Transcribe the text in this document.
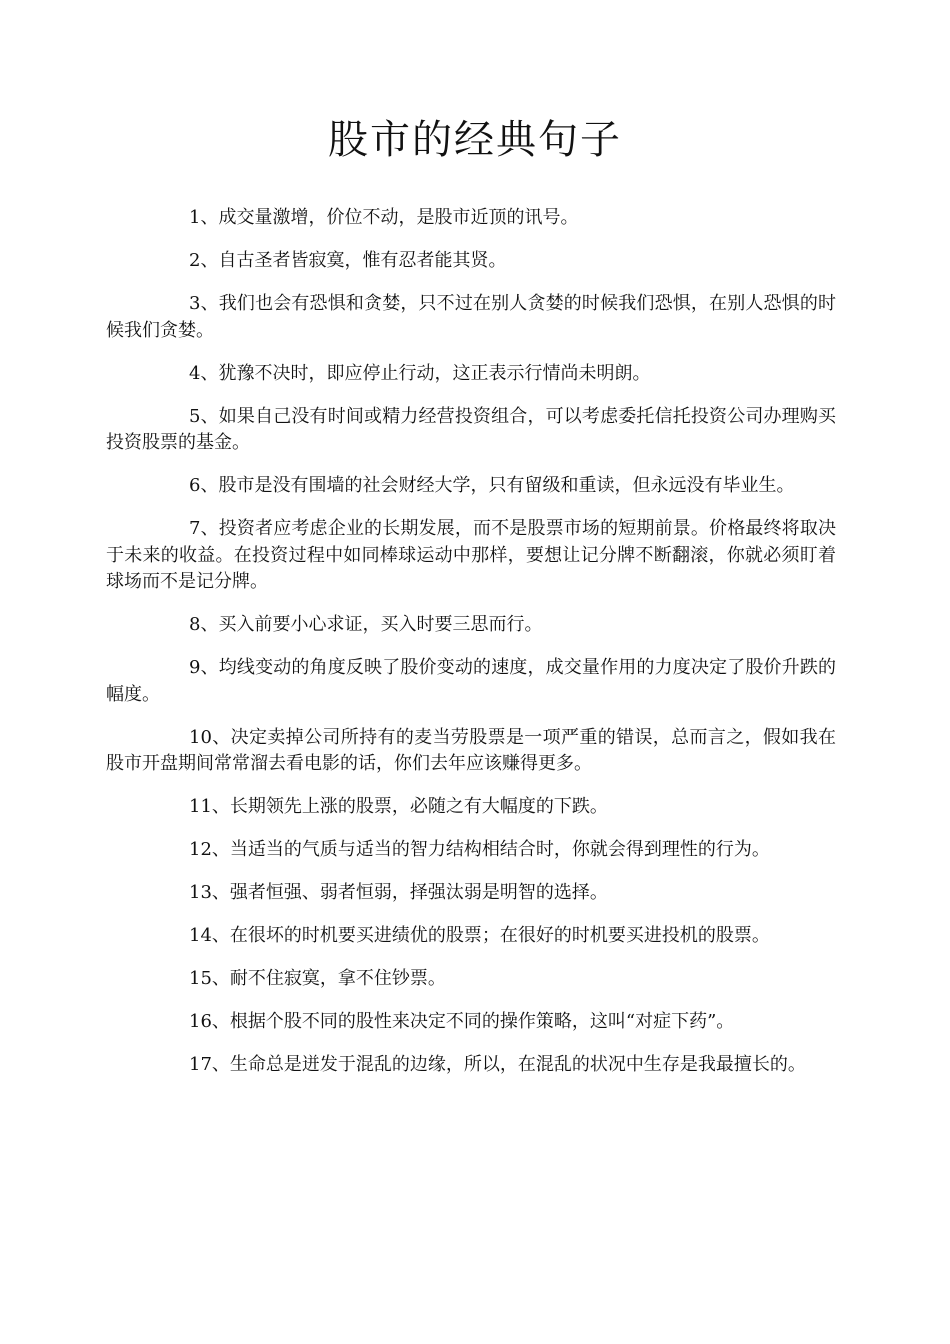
股市的经典句子

1、成交量激增，价位不动，是股市近顶的讯号。

2、自古圣者皆寂寞，惟有忍者能其贤。

3、我们也会有恐惧和贪婪，只不过在别人贪婪的时候我们恐惧，在别人恐惧的时候我们贪婪。

4、犹豫不决时，即应停止行动，这正表示行情尚未明朗。

5、如果自己没有时间或精力经营投资组合，可以考虑委托信托投资公司办理购买投资股票的基金。

6、股市是没有围墙的社会财经大学，只有留级和重读，但永远没有毕业生。

7、投资者应考虑企业的长期发展，而不是股票市场的短期前景。价格最终将取决于未来的收益。在投资过程中如同棒球运动中那样，要想让记分牌不断翻滚，你就必须盯着球场而不是记分牌。

8、买入前要小心求证，买入时要三思而行。

9、均线变动的角度反映了股价变动的速度，成交量作用的力度决定了股价升跌的幅度。

10、决定卖掉公司所持有的麦当劳股票是一项严重的错误，总而言之，假如我在股市开盘期间常常溜去看电影的话，你们去年应该赚得更多。

11、长期领先上涨的股票，必随之有大幅度的下跌。

12、当适当的气质与适当的智力结构相结合时，你就会得到理性的行为。

13、强者恒强、弱者恒弱，择强汰弱是明智的选择。

14、在很坏的时机要买进绩优的股票；在很好的时机要买进投机的股票。

15、耐不住寂寞，拿不住钞票。

16、根据个股不同的股性来决定不同的操作策略，这叫“对症下药”。

17、生命总是迸发于混乱的边缘，所以，在混乱的状况中生存是我最擅长的。
